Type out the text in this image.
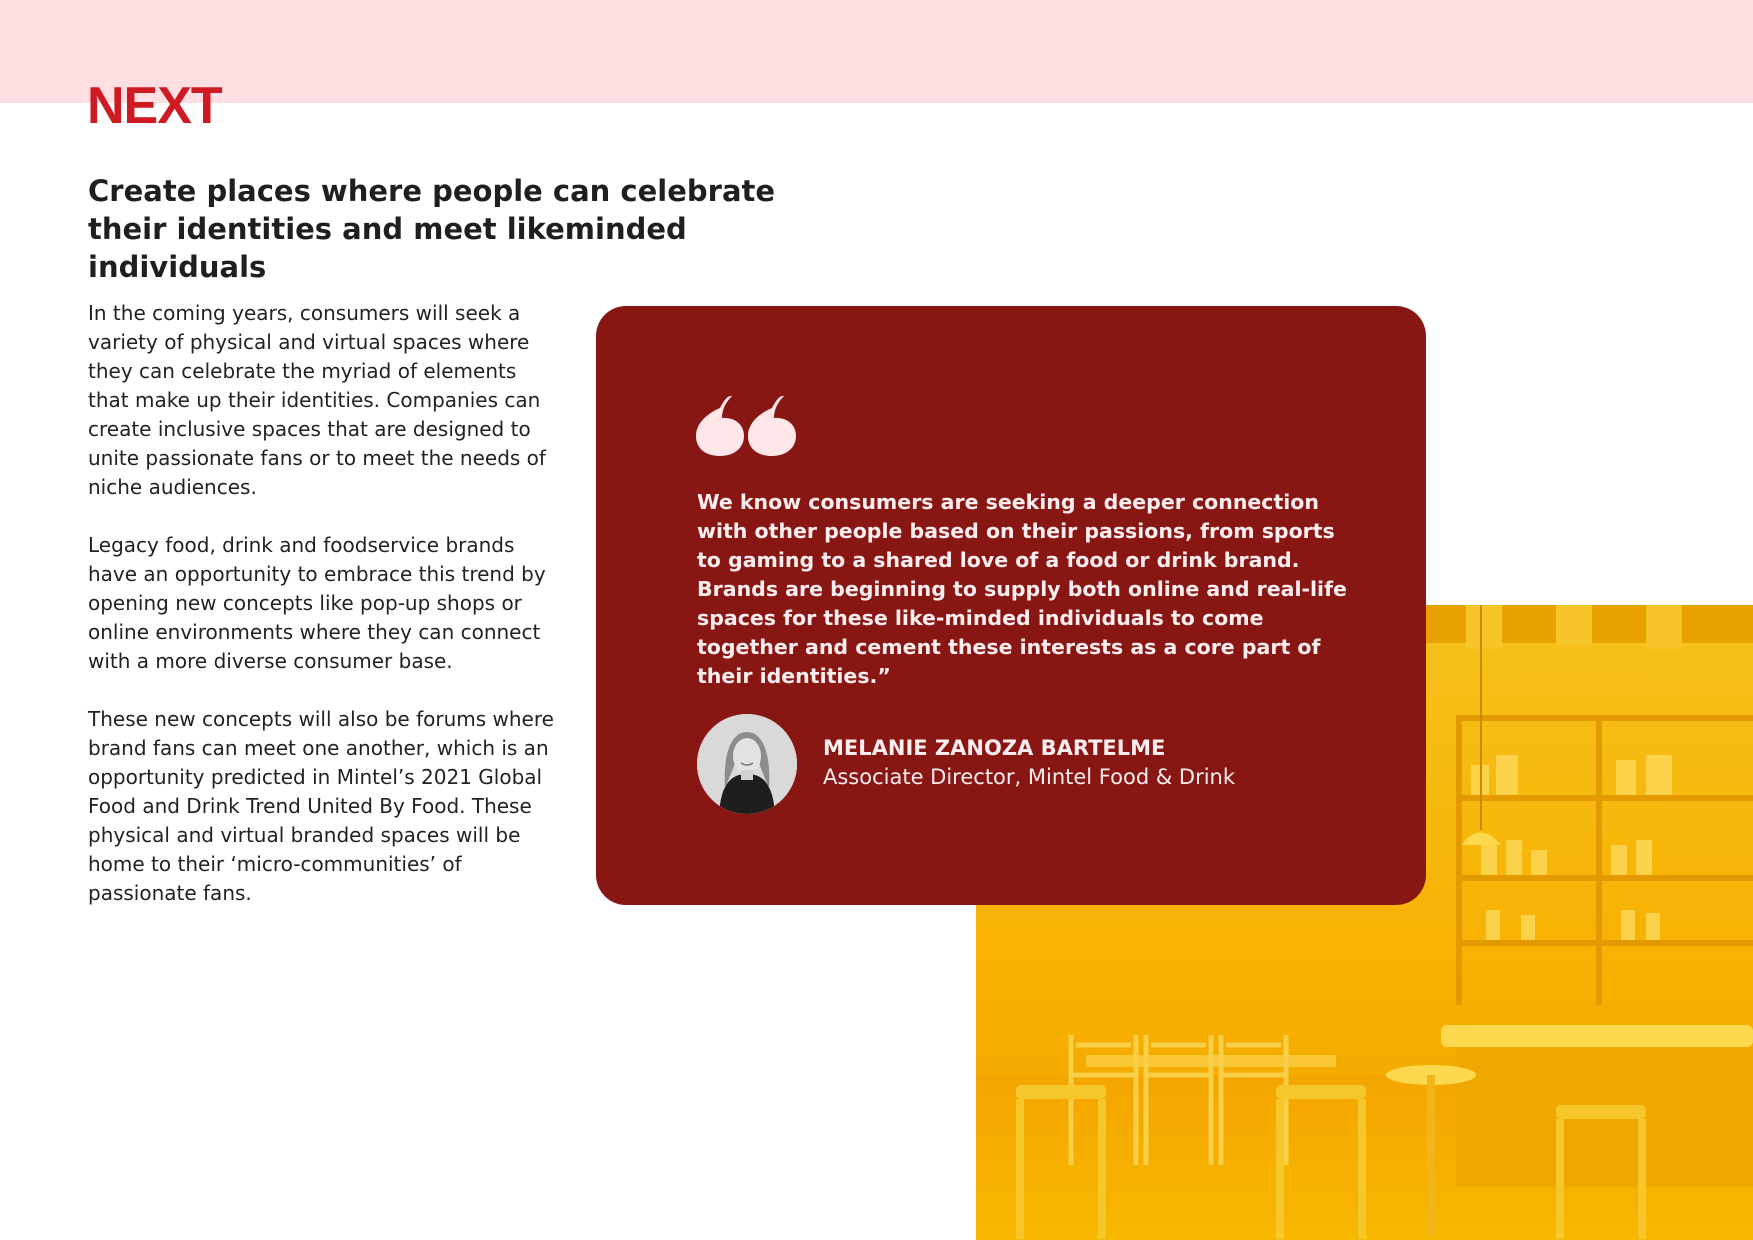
NEXT
Create places where people can celebrate their identities and meet likeminded individuals

In the coming years, consumers will seek a variety of physical and virtual spaces where they can celebrate the myriad of elements that make up their identities. Companies can create inclusive spaces that are designed to unite passionate fans or to meet the needs of niche audiences.

Legacy food, drink and foodservice brands have an opportunity to embrace this trend by opening new concepts like pop-up shops or online environments where they can connect with a more diverse consumer base.

These new concepts will also be forums where brand fans can meet one another, which is an opportunity predicted in Mintel’s 2021 Global Food and Drink Trend United By Food. These physical and virtual branded spaces will be home to their ‘micro-communities’ of passionate fans.

We know consumers are seeking a deeper connection with other people based on their passions, from sports to gaming to a shared love of a food or drink brand. Brands are beginning to supply both online and real-life spaces for these like-minded individuals to come together and cement these interests as a core part of their identities.”

MELANIE ZANOZA BARTELME

Associate Director, Mintel Food & Drink
